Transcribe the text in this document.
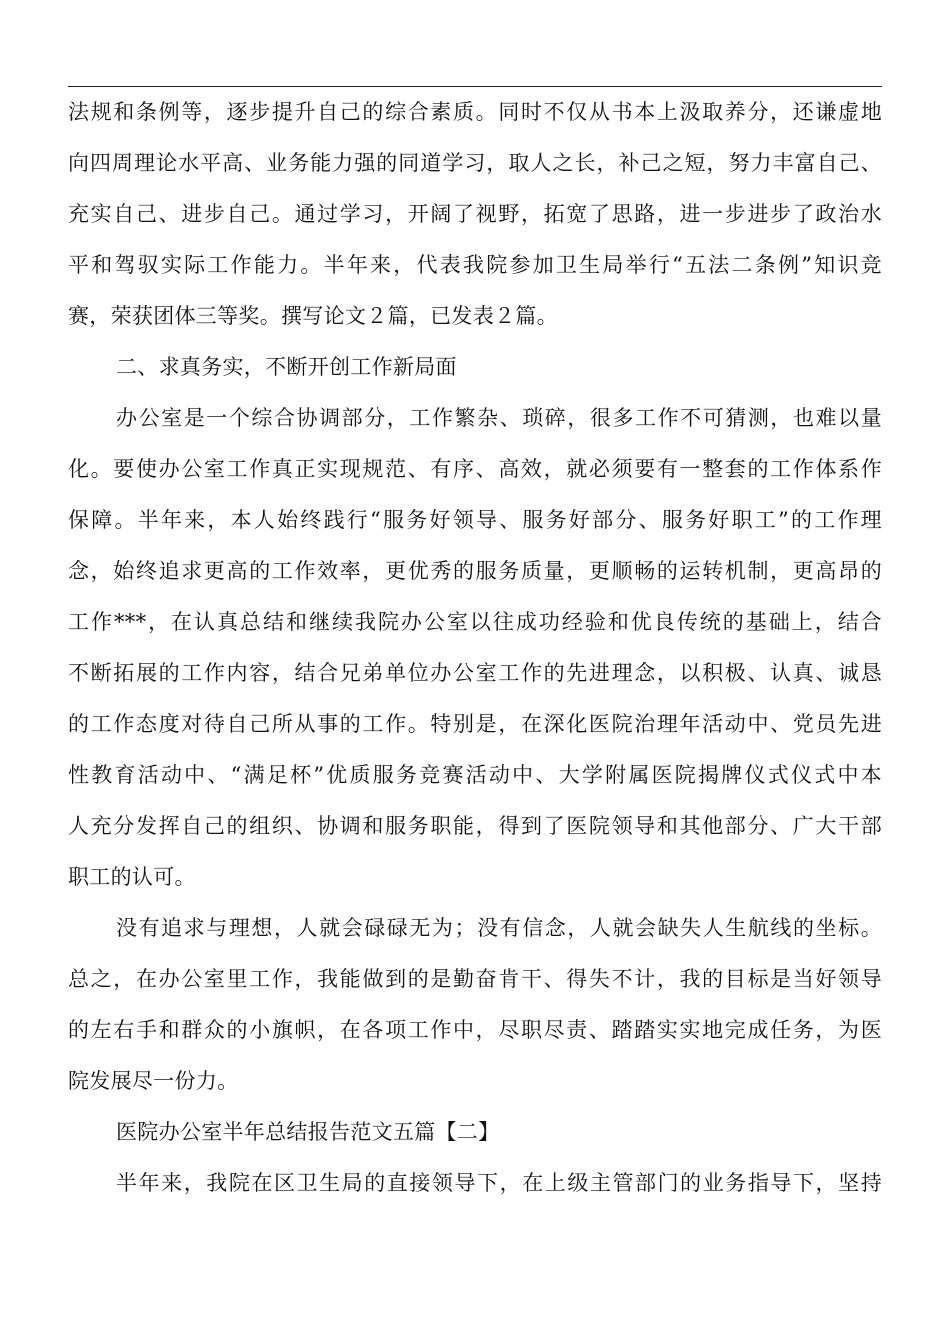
法规和条例等，逐步提升自己的综合素质。同时不仅从书本上汲取养分，还谦虚地
向四周理论水平高、业务能力强的同道学习，取人之长，补己之短，努力丰富自己、
充实自己、进步自己。通过学习，开阔了视野，拓宽了思路，进一步进步了政治水
平和驾驭实际工作能力。半年来，代表我院参加卫生局举行“五法二条例”知识竞
赛，荣获团体三等奖。撰写论文２篇，已发表２篇。
二、求真务实，不断开创工作新局面
办公室是一个综合协调部分，工作繁杂、琐碎，很多工作不可猜测，也难以量
化。要使办公室工作真正实现规范、有序、高效，就必须要有一整套的工作体系作
保障。半年来，本人始终践行“服务好领导、服务好部分、服务好职工”的工作理
念，始终追求更高的工作效率，更优秀的服务质量，更顺畅的运转机制，更高昂的
工作***，在认真总结和继续我院办公室以往成功经验和优良传统的基础上，结合
不断拓展的工作内容，结合兄弟单位办公室工作的先进理念，以积极、认真、诚恳
的工作态度对待自己所从事的工作。特别是，在深化医院治理年活动中、党员先进
性教育活动中、“满足杯”优质服务竞赛活动中、大学附属医院揭牌仪式仪式中本
人充分发挥自己的组织、协调和服务职能，得到了医院领导和其他部分、广大干部
职工的认可。
没有追求与理想，人就会碌碌无为；没有信念，人就会缺失人生航线的坐标。
总之，在办公室里工作，我能做到的是勤奋肯干、得失不计，我的目标是当好领导
的左右手和群众的小旗帜，在各项工作中，尽职尽责、踏踏实实地完成任务，为医
院发展尽一份力。
医院办公室半年总结报告范文五篇【二】
半年来，我院在区卫生局的直接领导下，在上级主管部门的业务指导下，坚持
